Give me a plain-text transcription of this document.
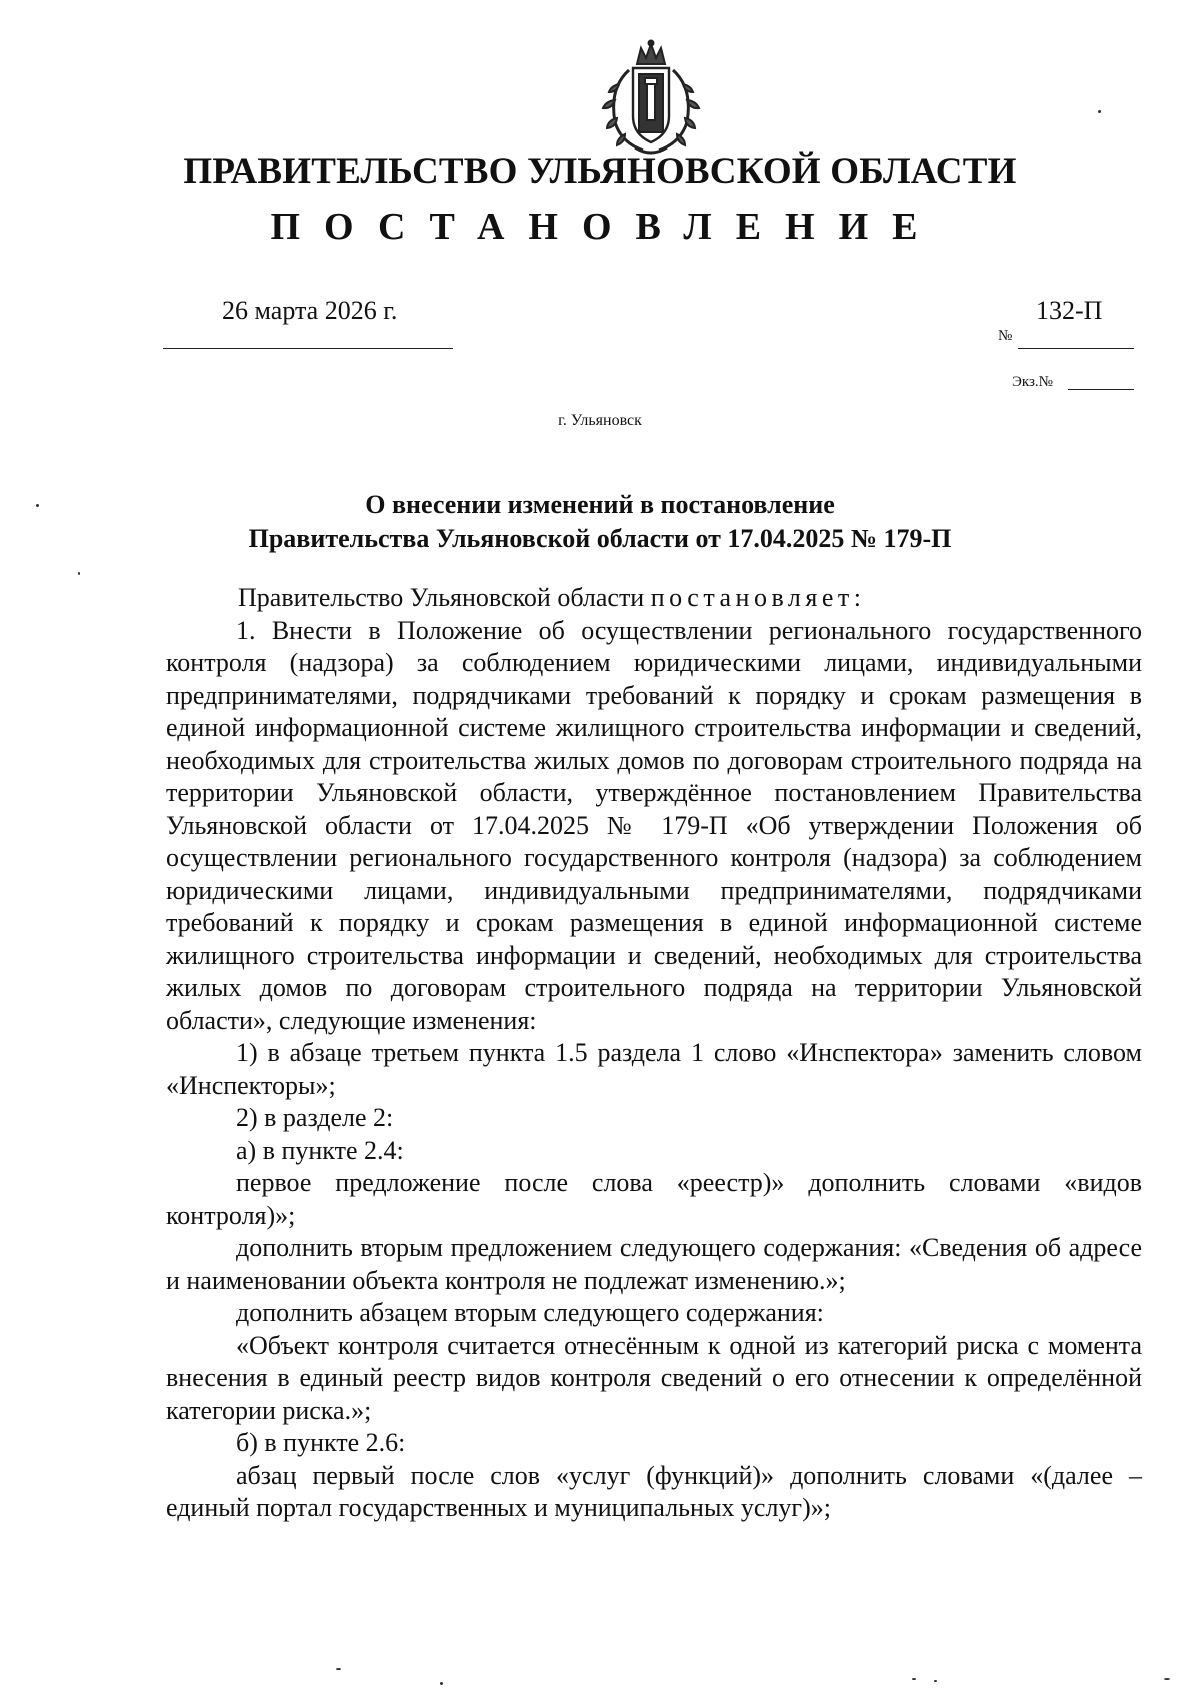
ПРАВИТЕЛЬСТВО УЛЬЯНОВСКОЙ ОБЛАСТИ
ПОСТАНОВЛЕНИЕ
26 марта 2026 г.	132-П
№
Экз.№
г. Ульяновск
О внесении изменений в постановление
Правительства Ульяновской области от 17.04.2025 № 179-П

Правительство Ульяновской области постановляет:

1. Внести в Положение об осуществлении регионального государственного контроля (надзора) за соблюдением юридическими лицами, индивидуальными предпринимателями, подрядчиками требований к порядку и срокам размещения в единой информационной системе жилищного строительства информации и сведений, необходимых для строительства жилых домов по договорам строительного подряда на территории Ульяновской области, утверждённое постановлением Правительства Ульяновской области от 17.04.2025 № 179-П «Об утверждении Положения об осуществлении регионального государственного контроля (надзора) за соблюдением юридическими лицами, индивидуальными предпринимателями, подрядчиками требований к порядку и срокам размещения в единой информационной системе жилищного строительства информации и сведений, необходимых для строительства жилых домов по договорам строительного подряда на территории Ульяновской области», следующие изменения:

1) в абзаце третьем пункта 1.5 раздела 1 слово «Инспектора» заменить словом «Инспекторы»;

2) в разделе 2:

а) в пункте 2.4:

первое предложение после слова «реестр)» дополнить словами «видов контроля)»;

дополнить вторым предложением следующего содержания: «Сведения об адресе и наименовании объекта контроля не подлежат изменению.»;

дополнить абзацем вторым следующего содержания:

«Объект контроля считается отнесённым к одной из категорий риска с момента внесения в единый реестр видов контроля сведений о его отнесении к определённой категории риска.»;

б) в пункте 2.6:

абзац первый после слов «услуг (функций)» дополнить словами «(далее – единый портал государственных и муниципальных услуг)»;
